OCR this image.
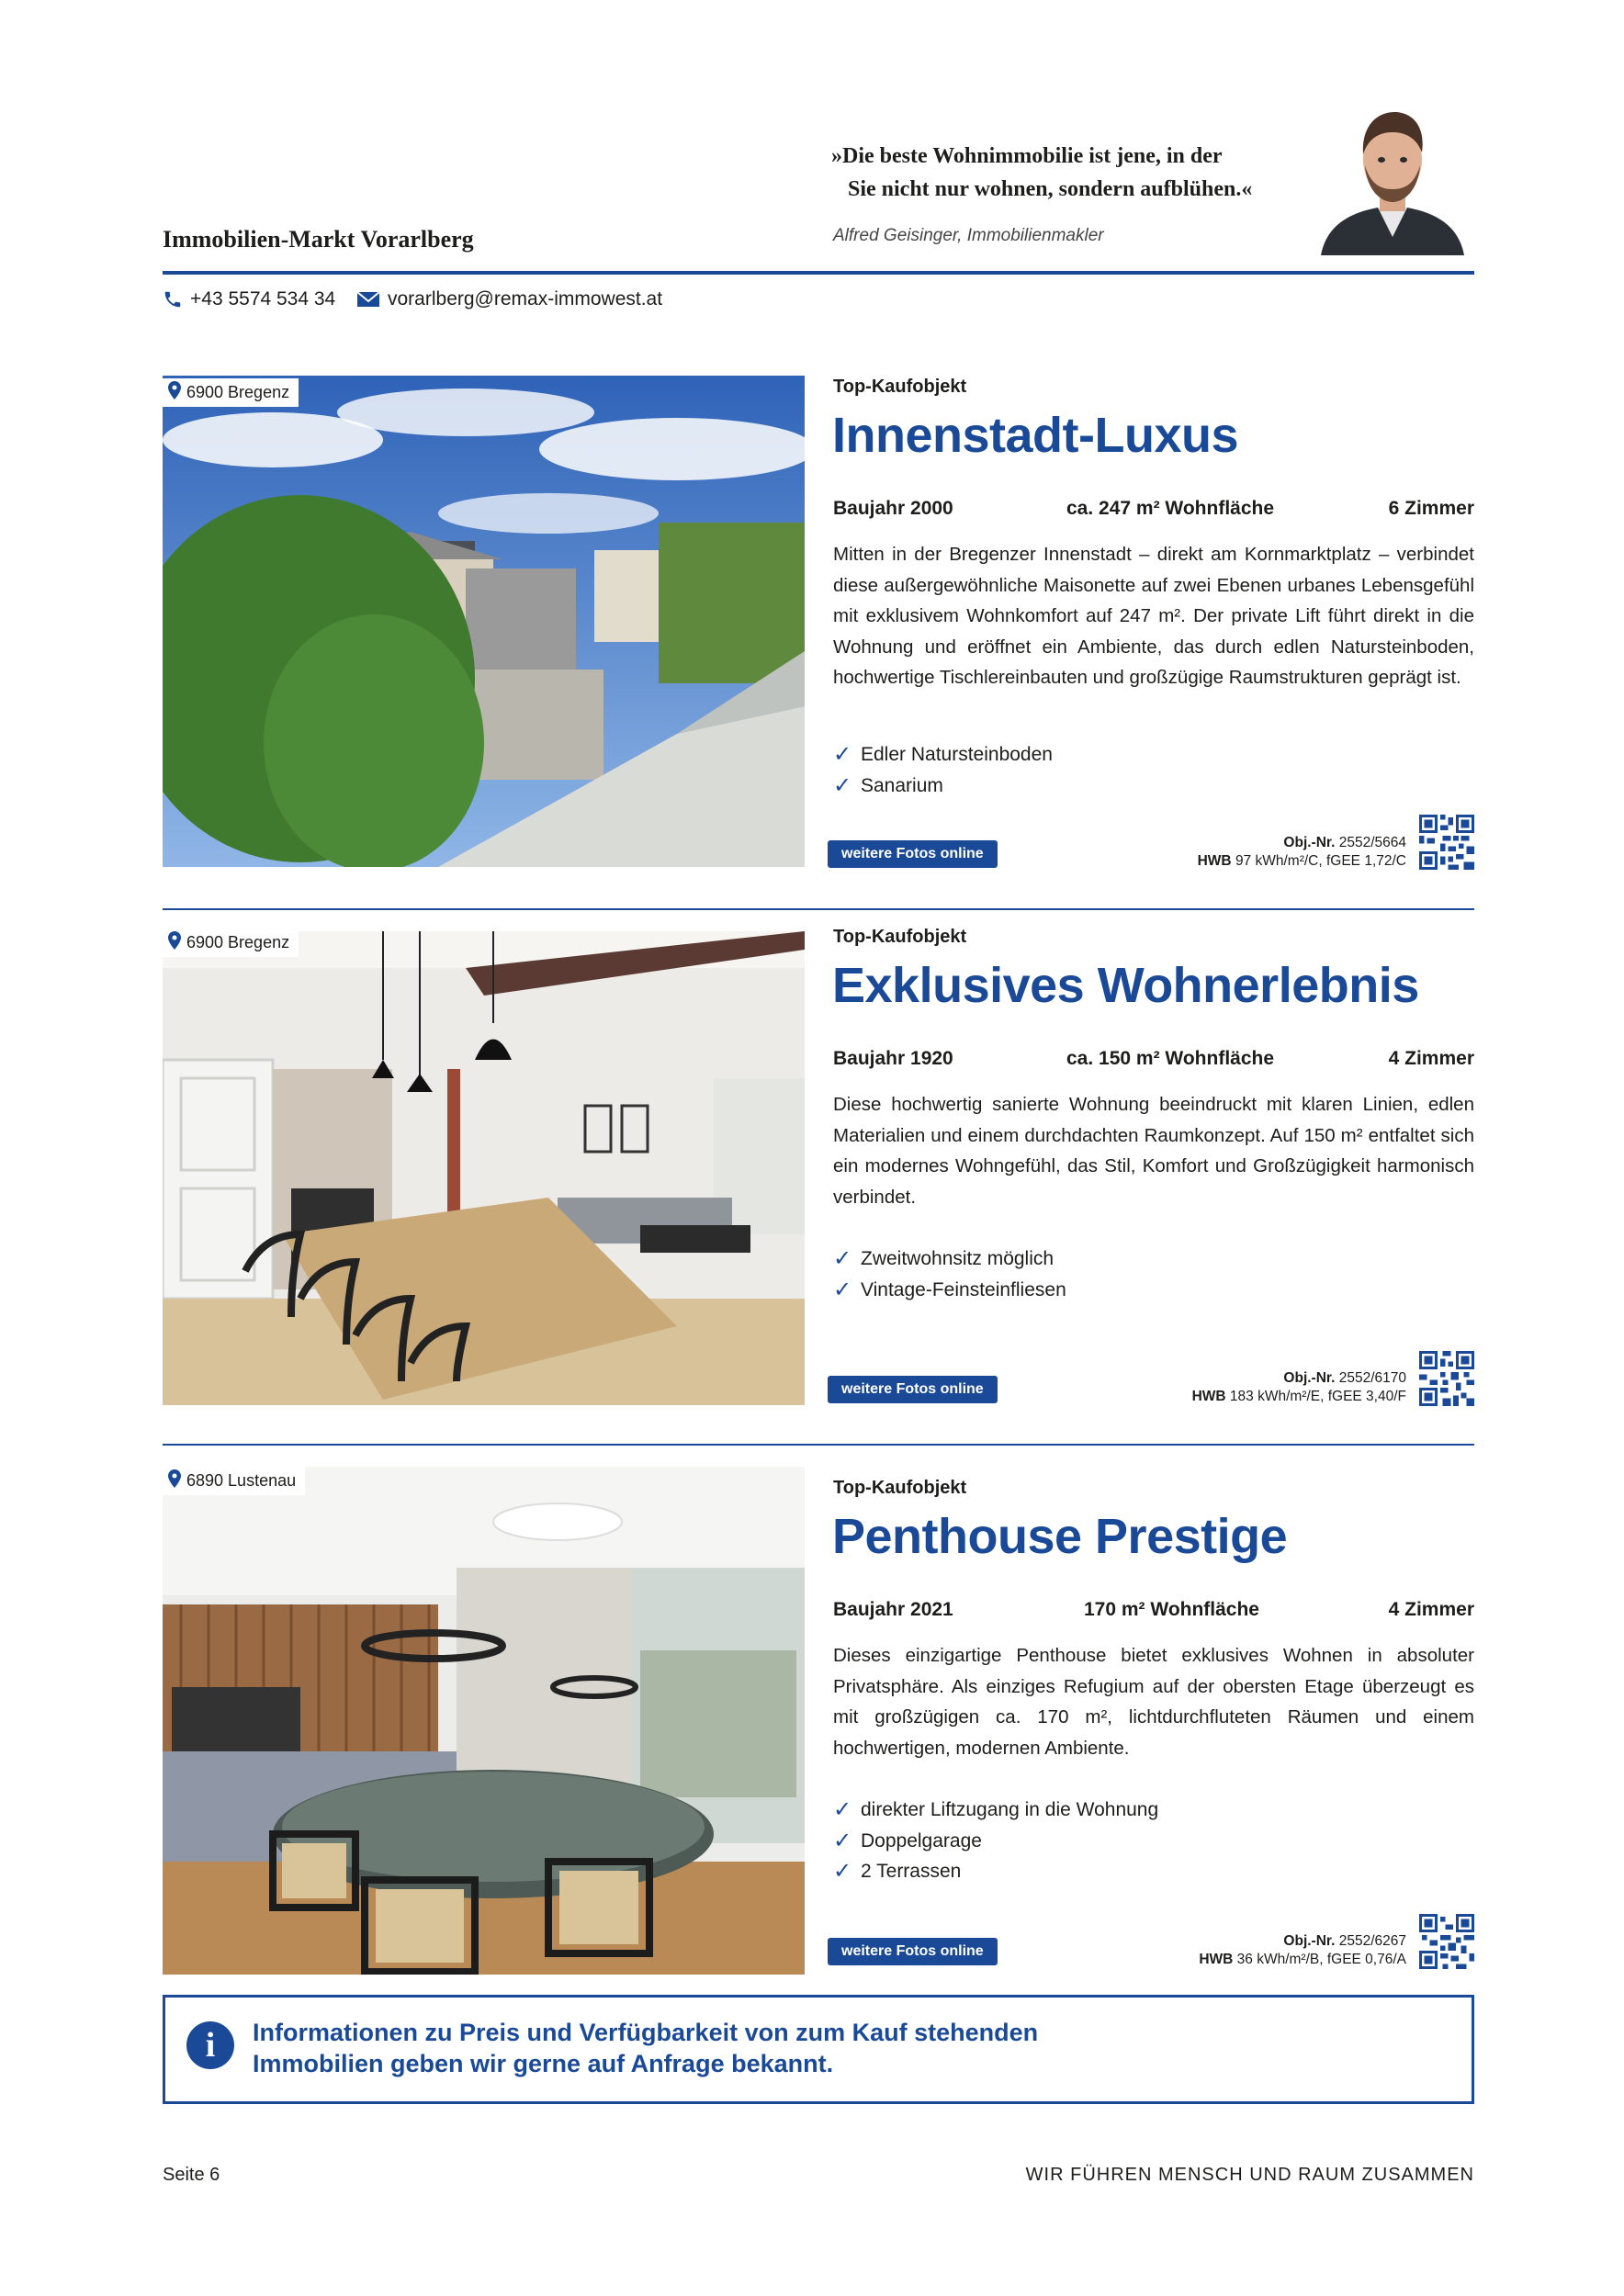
»Die beste Wohnimmobilie ist jene, in der
Sie nicht nur wohnen, sondern aufblühen.«
Alfred Geisinger, Immobilienmakler
Immobilien-Markt Vorarlberg
+43 5574 534 34	vorarlberg@remax-immowest.at
6900 Bregenz	Top-Kaufobjekt
Innenstadt-Luxus
Baujahr 2000	ca. 247 m² Wohnfläche	6 Zimmer
Mitten in der Bregenzer Innenstadt – direkt am Kornmarktplatz – verbindet diese außergewöhnliche Maisonette auf zwei Ebenen urbanes Lebensgefühl mit exklusivem Wohnkomfort auf 247 m². Der private Lift führt direkt in die Wohnung und eröffnet ein Ambiente, das durch edlen Natursteinboden, hochwertige Tischlereinbauten und großzügige Raumstrukturen geprägt ist.
✓ Edler Natursteinboden
✓ Sanarium
weitere Fotos online
Obj.-Nr. 2552/5664
HWB 97 kWh/m²/C, fGEE 1,72/C
6900 Bregenz	Top-Kaufobjekt
Exklusives Wohnerlebnis
Baujahr 1920	ca. 150 m² Wohnfläche	4 Zimmer
Diese hochwertig sanierte Wohnung beeindruckt mit klaren Linien, edlen Materialien und einem durchdachten Raumkonzept. Auf 150 m² entfaltet sich ein modernes Wohngefühl, das Stil, Komfort und Großzügigkeit harmonisch verbindet.
✓ Zweitwohnsitz möglich
✓ Vintage-Feinsteinfliesen
weitere Fotos online
Obj.-Nr. 2552/6170
HWB 183 kWh/m²/E, fGEE 3,40/F
6890 Lustenau	Top-Kaufobjekt
Penthouse Prestige
Baujahr 2021	170 m² Wohnfläche	4 Zimmer
Dieses einzigartige Penthouse bietet exklusives Wohnen in absoluter Privatsphäre. Als einziges Refugium auf der obersten Etage überzeugt es mit großzügigen ca. 170 m², lichtdurchfluteten Räumen und einem hochwertigen, modernen Ambiente.
✓ direkter Liftzugang in die Wohnung
✓ Doppelgarage
✓ 2 Terrassen
weitere Fotos online
Obj.-Nr. 2552/6267
HWB 36 kWh/m²/B, fGEE 0,76/A
i	Informationen zu Preis und Verfügbarkeit von zum Kauf stehenden
Immobilien geben wir gerne auf Anfrage bekannt.
Seite 6	WIR FÜHREN MENSCH UND RAUM ZUSAMMEN
